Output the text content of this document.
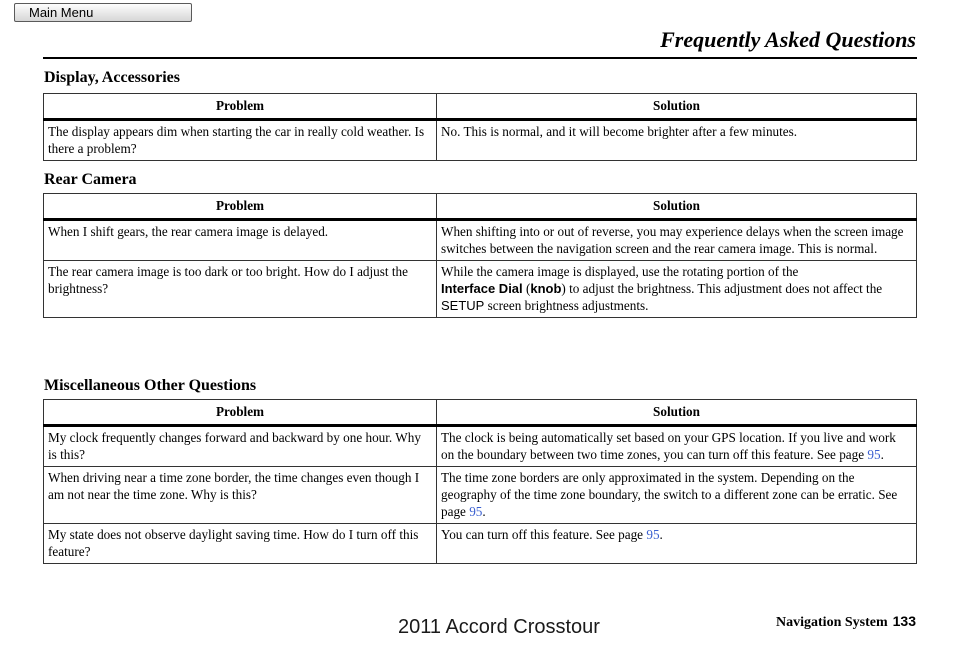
Main Menu
Frequently Asked Questions
Display, Accessories
Problem	Solution
The display appears dim when starting the car in really cold weather. Is there a problem?	No. This is normal, and it will become brighter after a few minutes.
Rear Camera
Problem	Solution
When I shift gears, the rear camera image is delayed.	When shifting into or out of reverse, you may experience delays when the screen image switches between the navigation screen and the rear camera image. This is normal.
The rear camera image is too dark or too bright. How do I adjust the brightness?	While the camera image is displayed, use the rotating portion of the
Interface Dial (knob) to adjust the brightness. This adjustment does not affect the SETUP screen brightness adjustments.
Miscellaneous Other Questions
Problem	Solution
My clock frequently changes forward and backward by one hour. Why is this?	The clock is being automatically set based on your GPS location. If you live and work on the boundary between two time zones, you can turn off this feature. See page 95.
When driving near a time zone border, the time changes even though I am not near the time zone. Why is this?	The time zone borders are only approximated in the system. Depending on the geography of the time zone boundary, the switch to a different zone can be erratic. See page 95.
My state does not observe daylight saving time. How do I turn off this feature?	You can turn off this feature. See page 95.
Navigation System 133
2011 Accord Crosstour
